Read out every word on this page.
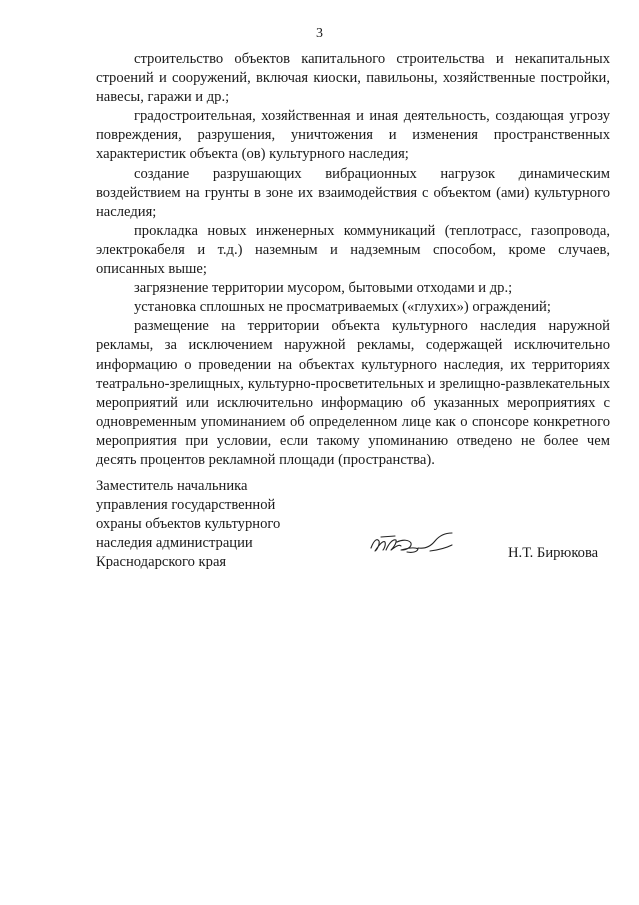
3

строительство объектов капитального строительства и некапитальных строений и сооружений, включая киоски, павильоны, хозяйственные постройки, навесы, гаражи и др.;

градостроительная, хозяйственная и иная деятельность, создающая угрозу повреждения, разрушения, уничтожения и изменения пространственных характеристик объекта (ов) культурного наследия;

создание разрушающих вибрационных нагрузок динамическим воздействием на грунты в зоне их взаимодействия с объектом (ами) культурного наследия;

прокладка новых инженерных коммуникаций (теплотрасс, газопровода, электрокабеля и т.д.) наземным и надземным способом, кроме случаев, описанных выше;

загрязнение территории мусором, бытовыми отходами и др.;

установка сплошных не просматриваемых («глухих») ограждений;

размещение на территории объекта культурного наследия наружной рекламы, за исключением наружной рекламы, содержащей исключительно информацию о проведении на объектах культурного наследия, их территориях театрально-зрелищных, культурно-просветительных и зрелищно-развлекательных мероприятий или исключительно информацию об указанных мероприятиях с одновременным упоминанием об определенном лице как о спонсоре конкретного мероприятия при условии, если такому упоминанию отведено не более чем десять процентов рекламной площади (пространства).

Заместитель начальника
управления государственной
охраны объектов культурного
наследия администрации
Краснодарского края
Н.Т. Бирюкова
